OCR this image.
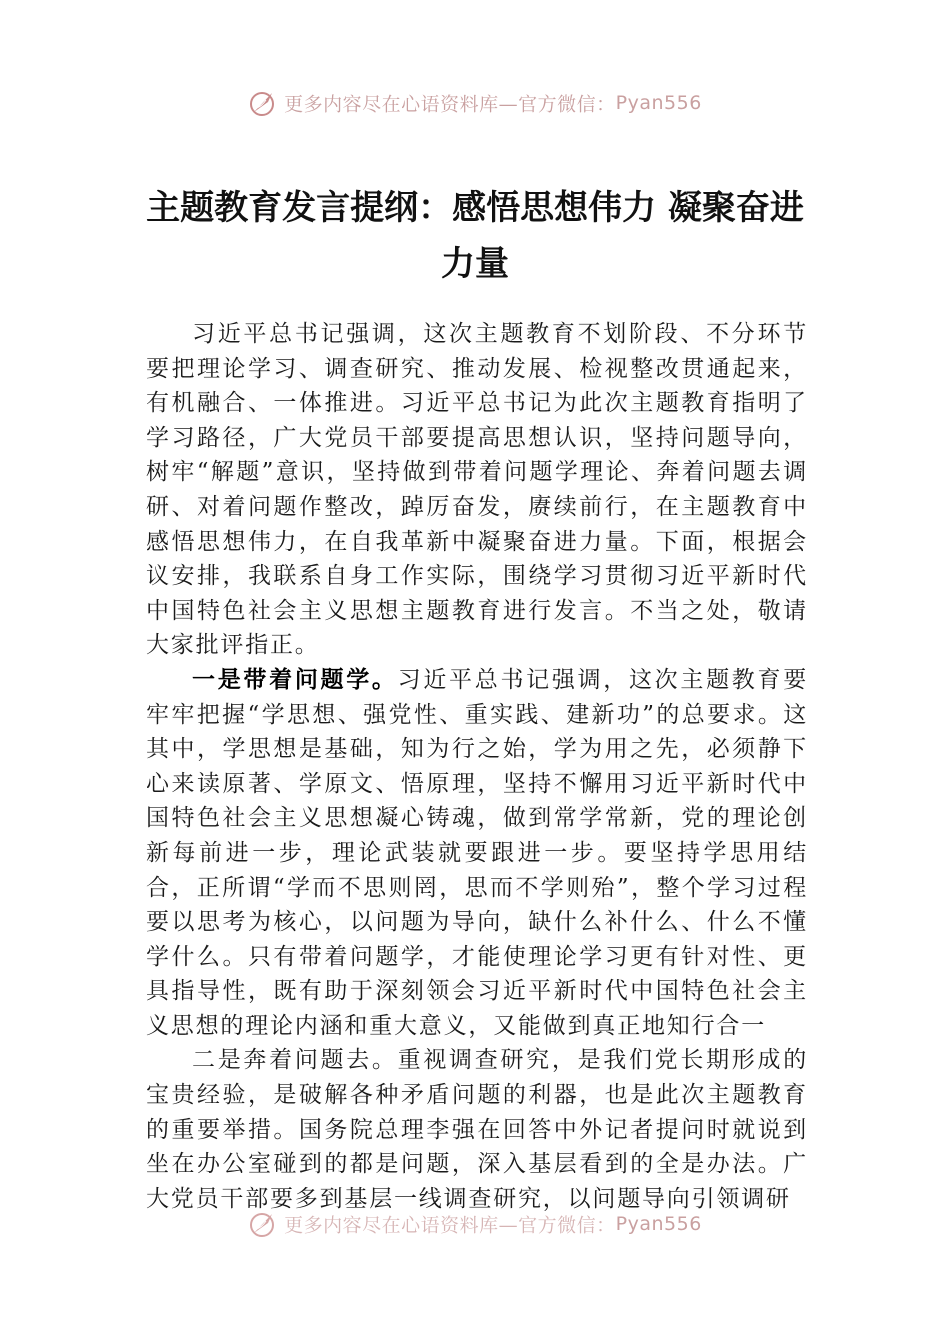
更多内容尽在心语资料库—官方微信：Pyan556
主题教育发言提纲：感悟思想伟力 凝聚奋进力量

习近平总书记强调，这次主题教育不划阶段、不分环节要把理论学习、调查研究、推动发展、检视整改贯通起来，有机融合、一体推进。习近平总书记为此次主题教育指明了学习路径，广大党员干部要提高思想认识，坚持问题导向，树牢“解题”意识，坚持做到带着问题学理论、奔着问题去调研、对着问题作整改，踔厉奋发，赓续前行，在主题教育中感悟思想伟力，在自我革新中凝聚奋进力量。下面，根据会议安排，我联系自身工作实际，围绕学习贯彻习近平新时代中国特色社会主义思想主题教育进行发言。不当之处，敬请大家批评指正。

一是带着问题学。习近平总书记强调，这次主题教育要牢牢把握“学思想、强党性、重实践、建新功”的总要求。这其中，学思想是基础，知为行之始，学为用之先，必须静下心来读原著、学原文、悟原理，坚持不懈用习近平新时代中国特色社会主义思想凝心铸魂，做到常学常新，党的理论创新每前进一步，理论武装就要跟进一步。要坚持学思用结合，正所谓“学而不思则罔，思而不学则殆”，整个学习过程要以思考为核心，以问题为导向，缺什么补什么、什么不懂学什么。只有带着问题学，才能使理论学习更有针对性、更具指导性，既有助于深刻领会习近平新时代中国特色社会主义思想的理论内涵和重大意义，又能做到真正地知行合一

二是奔着问题去。重视调查研究，是我们党长期形成的宝贵经验，是破解各种矛盾问题的利器，也是此次主题教育的重要举措。国务院总理李强在回答中外记者提问时就说到坐在办公室碰到的都是问题，深入基层看到的全是办法。广大党员干部要多到基层一线调查研究，以问题导向引领调研

更多内容尽在心语资料库—官方微信：Pyan556
